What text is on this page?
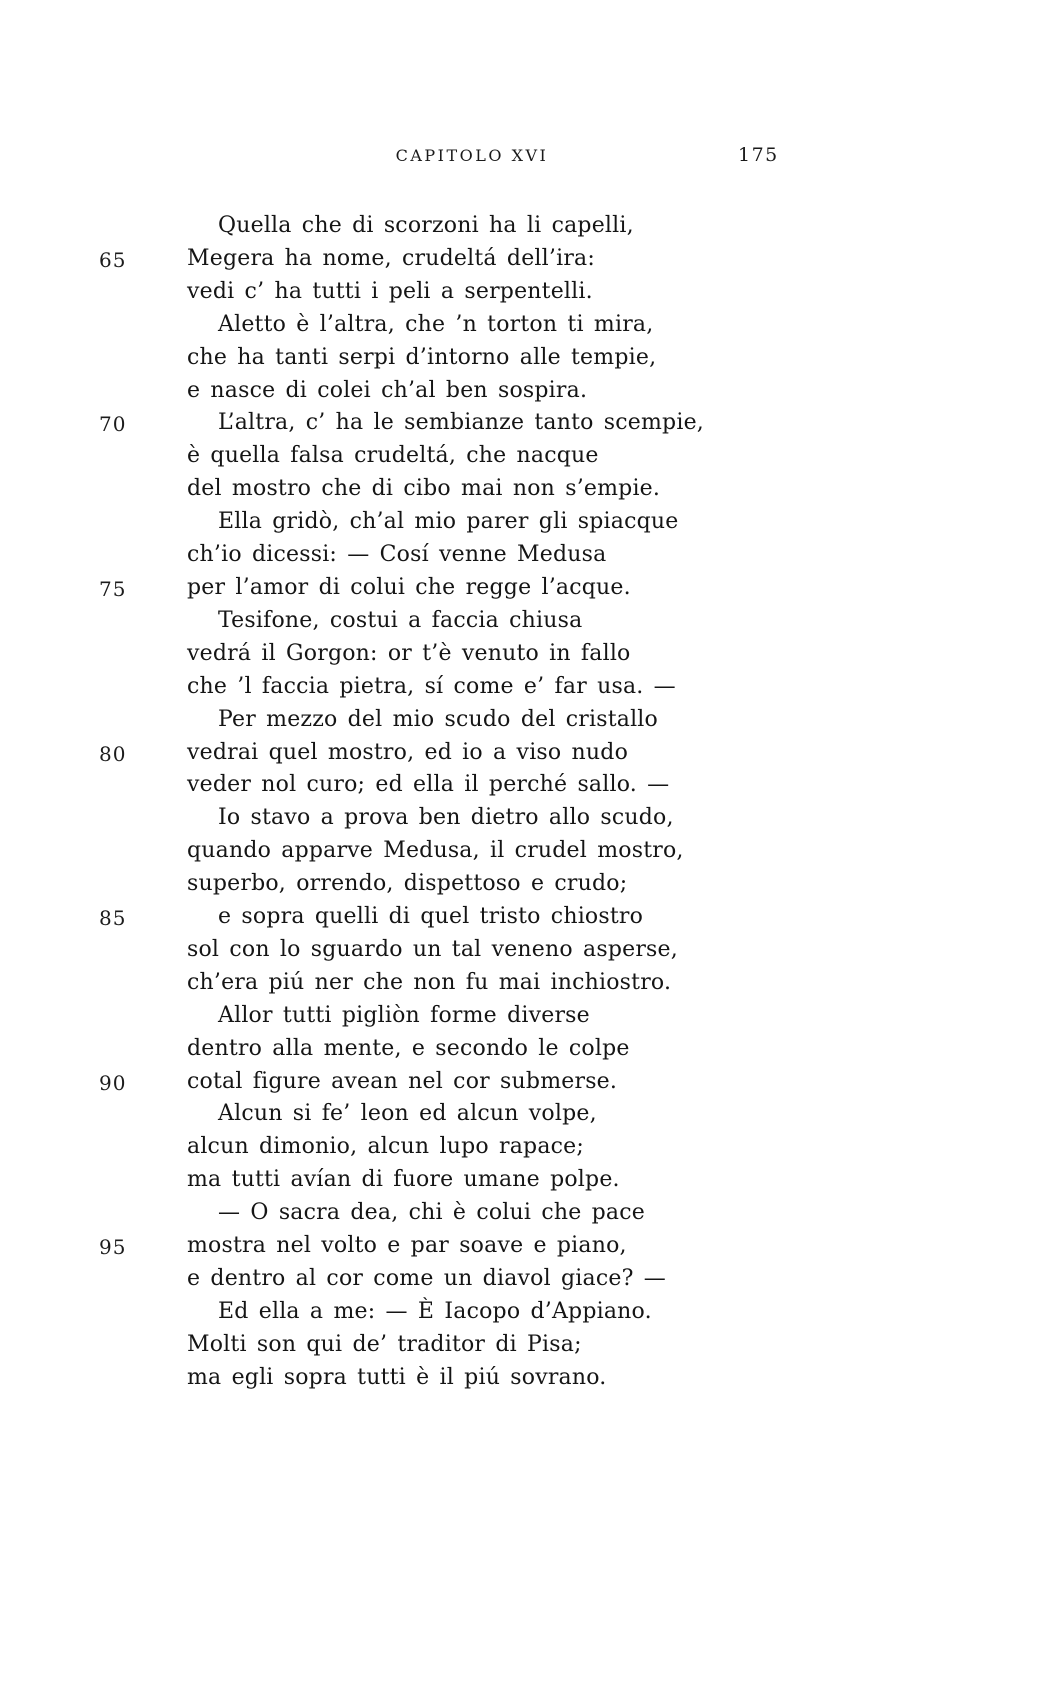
CAPITOLO XVI	175
Quella che di scorzoni ha li capelli,
65	Megera ha nome, crudeltá dell’ira:
vedi c’ ha tutti i peli a serpentelli.
Aletto è l’altra, che ’n torton ti mira,
che ha tanti serpi d’intorno alle tempie,
e nasce di colei ch’al ben sospira.
70	L’altra, c’ ha le sembianze tanto scempie,
è quella falsa crudeltá, che nacque
del mostro che di cibo mai non s’empie.
Ella gridò, ch’al mio parer gli spiacque
ch’io dicessi: — Cosí venne Medusa
75	per l’amor di colui che regge l’acque.
Tesifone, costui a faccia chiusa
vedrá il Gorgon: or t’è venuto in fallo
che ’l faccia pietra, sí come e’ far usa. —
Per mezzo del mio scudo del cristallo
80	vedrai quel mostro, ed io a viso nudo
veder nol curo; ed ella il perché sallo. —
Io stavo a prova ben dietro allo scudo,
quando apparve Medusa, il crudel mostro,
superbo, orrendo, dispettoso e crudo;
85	e sopra quelli di quel tristo chiostro
sol con lo sguardo un tal veneno asperse,
ch’era piú ner che non fu mai inchiostro.
Allor tutti pigliòn forme diverse
dentro alla mente, e secondo le colpe
90	cotal figure avean nel cor submerse.
Alcun si fe’ leon ed alcun volpe,
alcun dimonio, alcun lupo rapace;
ma tutti avían di fuore umane polpe.
— O sacra dea, chi è colui che pace
95	mostra nel volto e par soave e piano,
e dentro al cor come un diavol giace? —
Ed ella a me: — È Iacopo d’Appiano.
Molti son qui de’ traditor di Pisa;
ma egli sopra tutti è il piú sovrano.
